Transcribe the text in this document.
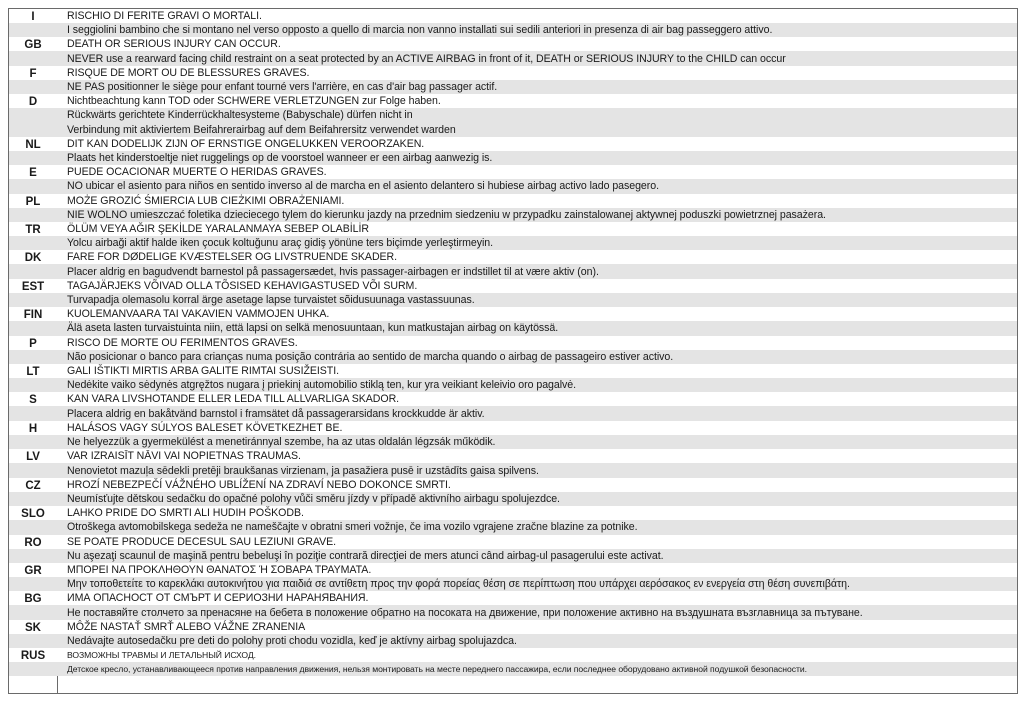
I	RISCHIO DI FERITE GRAVI O MORTALI.
I seggiolini bambino che si montano nel verso opposto a quello di marcia non vanno installati sui sedili anteriori in presenza di air bag passeggero attivo.
GB	DEATH OR SERIOUS INJURY CAN OCCUR.
NEVER use a rearward facing child restraint on a seat protected by an ACTIVE AIRBAG in front of it, DEATH or SERIOUS INJURY to the CHILD can occur
F	RISQUE DE MORT OU DE BLESSURES GRAVES.
NE PAS positionner le siège pour enfant tourné vers l'arrière, en cas d'air bag passager actif.
D	Nichtbeachtung kann TOD oder SCHWERE VERLETZUNGEN zur Folge haben.
Rückwärts gerichtete Kinderrückhaltesysteme (Babyschale) dürfen nicht in
Verbindung mit aktiviertem Beifahrerairbag auf dem Beifahrersitz verwendet warden
NL	DIT KAN DODELIJK ZIJN OF ERNSTIGE ONGELUKKEN VEROORZAKEN.
Plaats het kinderstoeltje niet ruggelings op de voorstoel wanneer er een airbag aanwezig is.
E	PUEDE OCACIONAR MUERTE O HERIDAS GRAVES.
NO ubicar el asiento para niños en sentido inverso al de marcha en el asiento delantero si hubiese airbag activo lado pasegero.
PL	MOŻE GROZIĆ ŚMIERCIA LUB CIEŻKIMI OBRAŻENIAMI.
NIE WOLNO umieszczać foletika dzieciecego tylem do kierunku jazdy na przednim siedzeniu w przypadku zainstalowanej aktywnej poduszki powietrznej pasażera.
TR	ÖLÜM VEYA AĞIR ŞEKİLDE YARALANMAYA SEBEP OLABİLİR
Yolcu airbaği aktif halde iken çocuk koltuğunu araç gidiş yönüne ters biçimde yerleştirmeyin.
DK	FARE FOR DØDELIGE KVÆSTELSER OG LIVSTRUENDE SKADER.
Placer aldrig en bagudvendt barnestol på passagersædet, hvis passager-airbagen er indstillet til at være aktiv (on).
EST	TAGAJÄRJEKS VÕIVAD OLLA TÕSISED KEHAVIGASTUSED VÕI SURM.
Turvapadja olemasolu korral ärge asetage lapse turvaistet sõidusuunaga vastassuunas.
FIN	KUOLEMANVAARA TAI VAKAVIEN VAMMOJEN UHKA.
Älä aseta lasten turvaistuinta niin, että lapsi on selkä menosuuntaan, kun matkustajan airbag on käytössä.
P	RISCO DE MORTE OU FERIMENTOS GRAVES.
Não posicionar o banco para crianças numa posição contrária ao sentido de marcha quando o airbag de passageiro estiver activo.
LT	GALI IŠTIKTI MIRTIS ARBA GALITE RIMTAI SUSIŽEISTI.
Nedėkite vaiko sėdynės atgręžtos nugara į priekinį automobilio stiklą ten, kur yra veikiant keleivio oro pagalvė.
S	KAN VARA LIVSHOTANDE ELLER LEDA TILL ALLVARLIGA SKADOR.
Placera aldrig en bakåtvänd barnstol i framsätet då passagerarsidans krockkudde är aktiv.
H	HALÁSOS VAGY SÚLYOS BALESET KÖVETKEZHET BE.
Ne helyezzük a gyermekülést a menetiránnyal szembe, ha az utas oldalán légzsák működik.
LV	VAR IZRAISĪT NĀVI VAI NOPIETNAS TRAUMAS.
Nenovietot mazuļa sēdekli pretēji braukšanas virzienam, ja pasažiera pusē ir uzstādīts gaisa spilvens.
CZ	HROZÍ NEBEZPEČÍ VÁŽNÉHO UBLÍŽENÍ NA ZDRAVÍ NEBO DOKONCE SMRTI.
Neumísťujte dětskou sedačku do opačné polohy vůči směru jízdy v případě aktivního airbagu spolujezdce.
SLO	LAHKO PRIDE DO SMRTI ALI HUDIH POŠKODB.
Otroškega avtomobilskega sedeža ne nameščajte v obratni smeri vožnje, če ima vozilo vgrajene zračne blazine za potnike.
RO	SE POATE PRODUCE DECESUL SAU LEZIUNI GRAVE.
Nu aşezaţi scaunul de maşină pentru bebeluşi în poziţie contrară direcţiei de mers atunci când airbag-ul pasagerului este activat.
GR	ΜΠΟΡΕΙ ΝΑ ΠΡΟΚΛΗΘΟΥΝ ΘΑΝΑΤΟΣ Ή ΣΟΒΑΡΑ ΤΡΑΥΜΑΤΑ.
Μην τοποθετείτε το καρεκλάκι αυτοκινήτου για παιδιά σε αντίθετη προς την φορά πορείας θέση σε περίπτωση που υπάρχει αερόσακος εν ενεργεία στη θέση συνεπιβάτη.
BG	ИМА ОПАСНОСТ ОТ СМЪРТ И СЕРИОЗНИ НАРАНЯВАНИЯ.
Не поставяйте столчето за пренасяне на бебета в положение обратно на посоката на движение, при положение активно на въздушната възглавница за пътуване.
SK	MÔŽE NASTAŤ SMRŤ ALEBO VÁŽNE ZRANENIA
Nedávajte autosedačku pre deti do polohy proti chodu vozidla, keď je aktívny airbag spolujazdca.
RUS	ВОЗМОЖНЫ ТРАВМЫ И ЛЕТАЛЬНЫЙ ИСХОД.
Детское кресло, устанавливающееся против направления движения, нельзя монтировать на месте переднего пассажира, если последнее оборудовано активной подушкой безопасности.
